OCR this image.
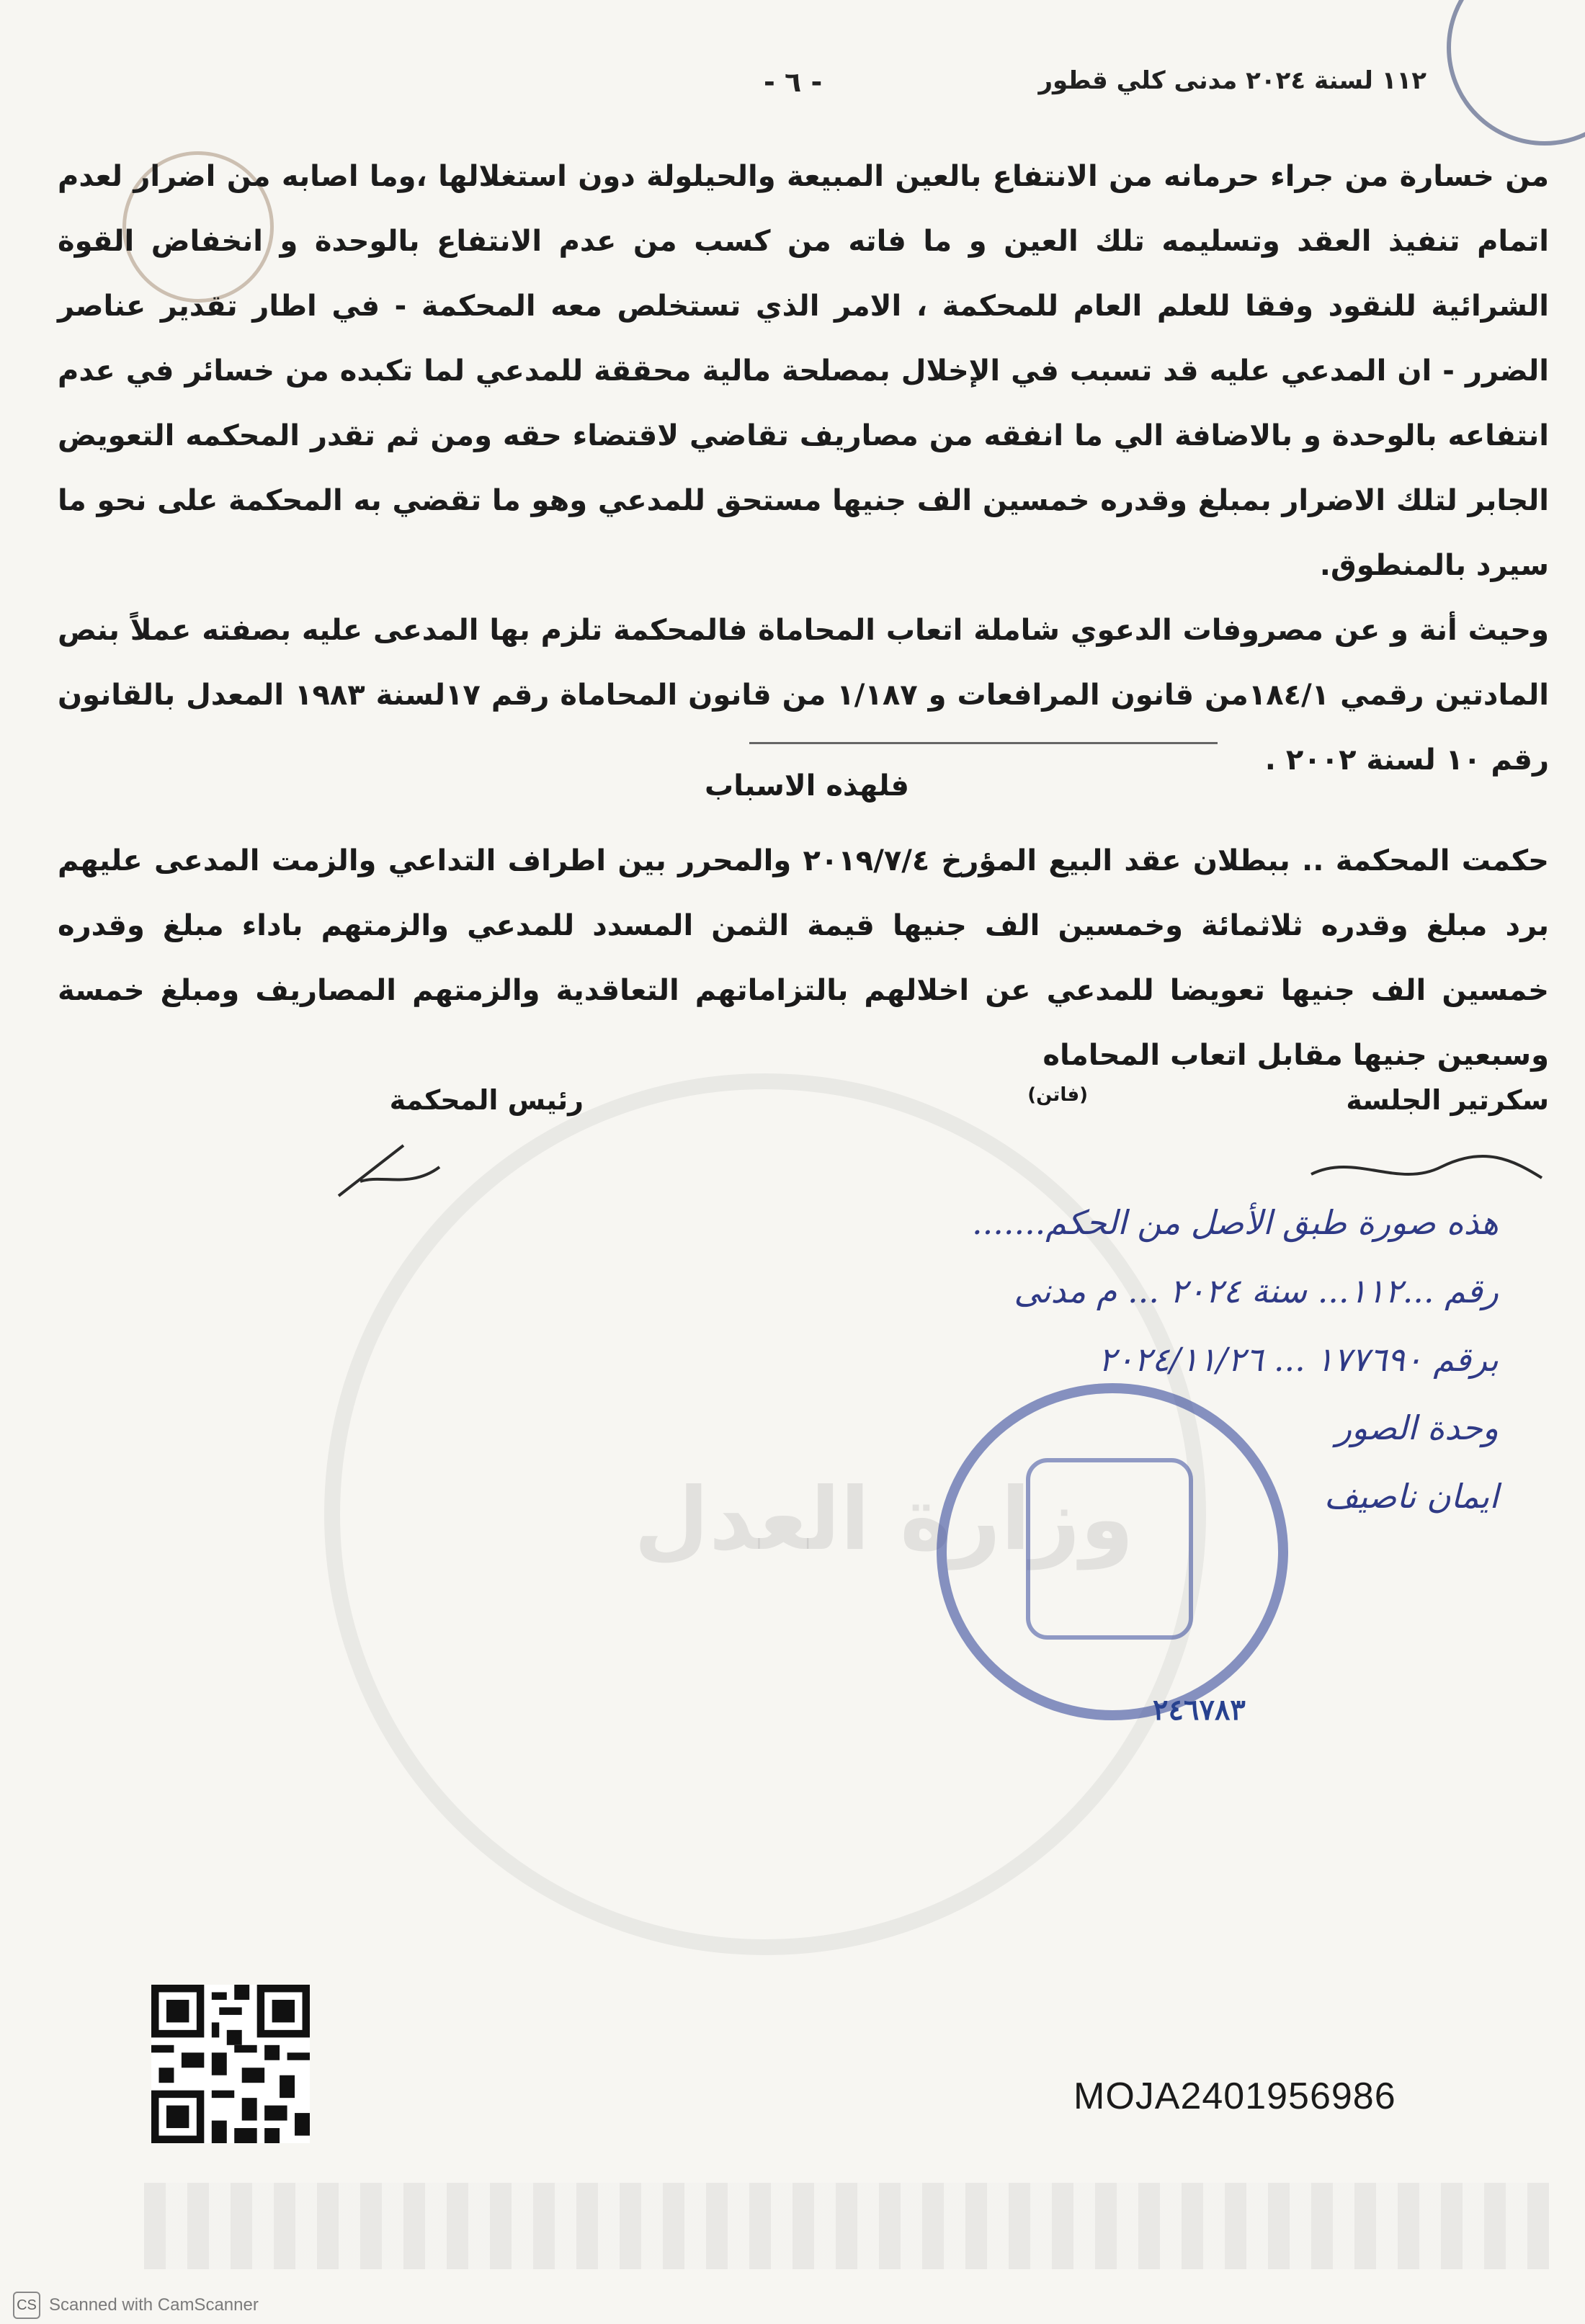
١١٢ لسنة ٢٠٢٤ مدنى كلي قطور
- ٦ -

من خسارة من جراء حرمانه من الانتفاع بالعين المبيعة والحيلولة دون استغلالها ،وما اصابه من اضرار لعدم اتمام تنفيذ العقد وتسليمه تلك العين و ما فاته من كسب من عدم الانتفاع بالوحدة و انخفاض القوة الشرائية للنقود وفقا للعلم العام للمحكمة ، الامر الذي تستخلص معه المحكمة - في اطار تقدير عناصر الضرر - ان المدعي عليه قد تسبب في الإخلال بمصلحة مالية محققة للمدعي لما تكبده من خسائر في عدم انتفاعه بالوحدة و بالاضافة الي ما انفقه من مصاريف تقاضي لاقتضاء حقه ومن ثم تقدر المحكمه التعويض الجابر لتلك الاضرار بمبلغ وقدره خمسين الف جنيها مستحق للمدعي وهو ما تقضي به المحكمة على نحو ما سيرد بالمنطوق.

وحيث أنة و عن مصروفات الدعوي شاملة اتعاب المحاماة فالمحكمة تلزم بها المدعى عليه بصفته عملاً بنص المادتين رقمي ١٨٤/١من قانون المرافعات و ١/١٨٧ من قانون المحاماة رقم ١٧لسنة ١٩٨٣ المعدل بالقانون رقم ١٠ لسنة ٢٠٠٢ .

فلهذه الاسباب
حكمت المحكمة .. ببطلان عقد البيع المؤرخ ٢٠١٩/٧/٤ والمحرر بين اطراف التداعي والزمت المدعى عليهم برد مبلغ وقدره ثلاثمائة وخمسين الف جنيها قيمة الثمن المسدد للمدعي والزمتهم باداء مبلغ وقدره خمسين الف جنيها تعويضا للمدعي عن اخلالهم بالتزاماتهم التعاقدية والزمتهم المصاريف ومبلغ خمسة وسبعين جنيها مقابل اتعاب المحاماه
وزارة العدل
سكرتير الجلسة
(فاتن)
رئيس المحكمة
هذه صورة طبق الأصل من الحكم.......
رقم ...١١٢... سنة ٢٠٢٤ ... م مدنى
برقم ١٧٧٦٩٠ ... ٢٠٢٤/١١/٢٦
وحدة الصور
ايمان ناصيف
٢٤٦٧٨٣
MOJA2401956986
CS Scanned with CamScanner
